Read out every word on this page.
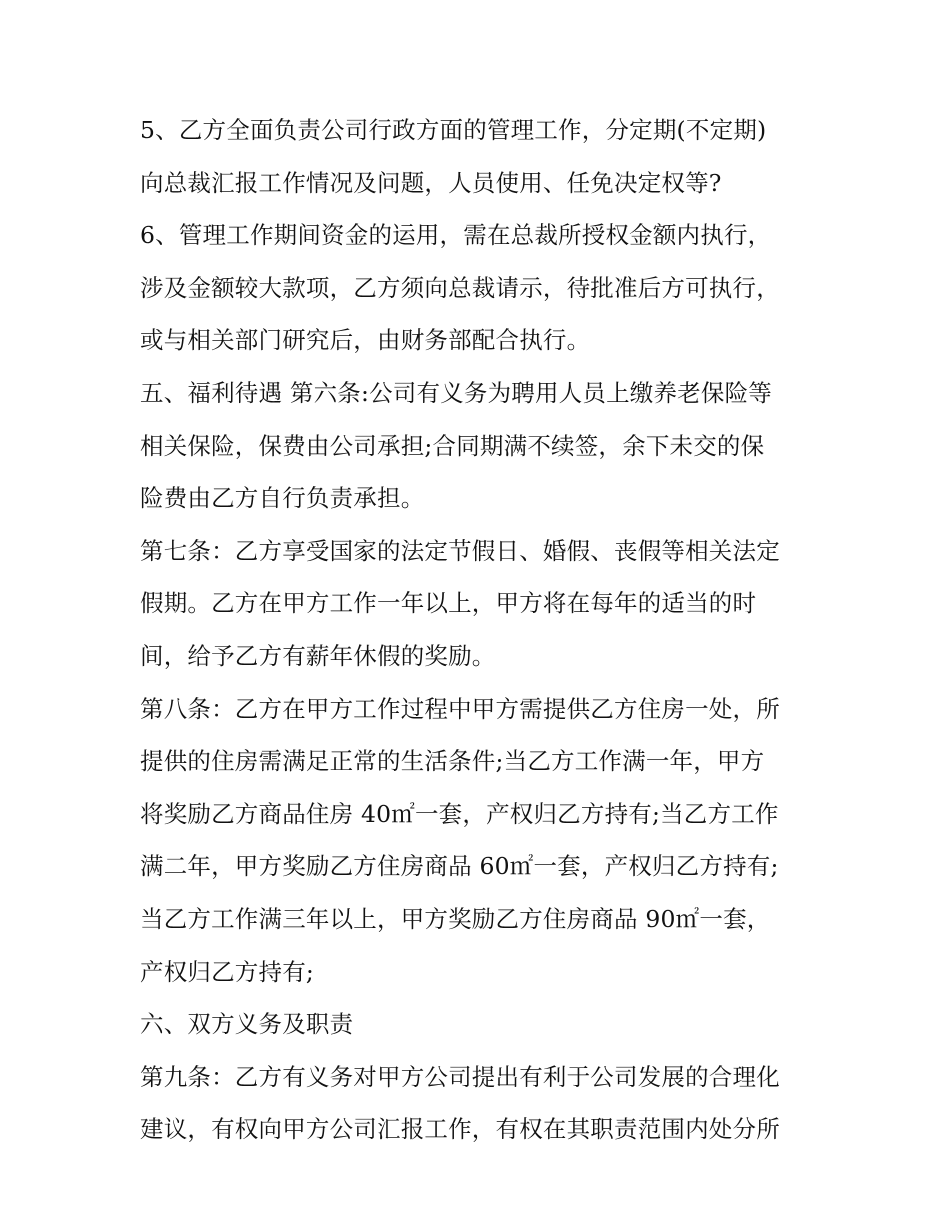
5、乙方全面负责公司行政方面的管理工作，分定期(不定期)
向总裁汇报工作情况及问题，人员使用、任免决定权等?
6、管理工作期间资金的运用，需在总裁所授权金额内执行，
涉及金额较大款项，乙方须向总裁请示，待批准后方可执行，
或与相关部门研究后，由财务部配合执行。
五、福利待遇 第六条:公司有义务为聘用人员上缴养老保险等
相关保险，保费由公司承担;合同期满不续签，余下未交的保
险费由乙方自行负责承担。
第七条：乙方享受国家的法定节假日、婚假、丧假等相关法定
假期。乙方在甲方工作一年以上，甲方将在每年的适当的时
间，给予乙方有薪年休假的奖励。
第八条：乙方在甲方工作过程中甲方需提供乙方住房一处，所
提供的住房需满足正常的生活条件;当乙方工作满一年，甲方
将奖励乙方商品住房 40㎡一套，产权归乙方持有;当乙方工作
满二年，甲方奖励乙方住房商品 60㎡一套，产权归乙方持有;
当乙方工作满三年以上，甲方奖励乙方住房商品 90㎡一套，
产权归乙方持有;
六、双方义务及职责
第九条：乙方有义务对甲方公司提出有利于公司发展的合理化
建议，有权向甲方公司汇报工作，有权在其职责范围内处分所
